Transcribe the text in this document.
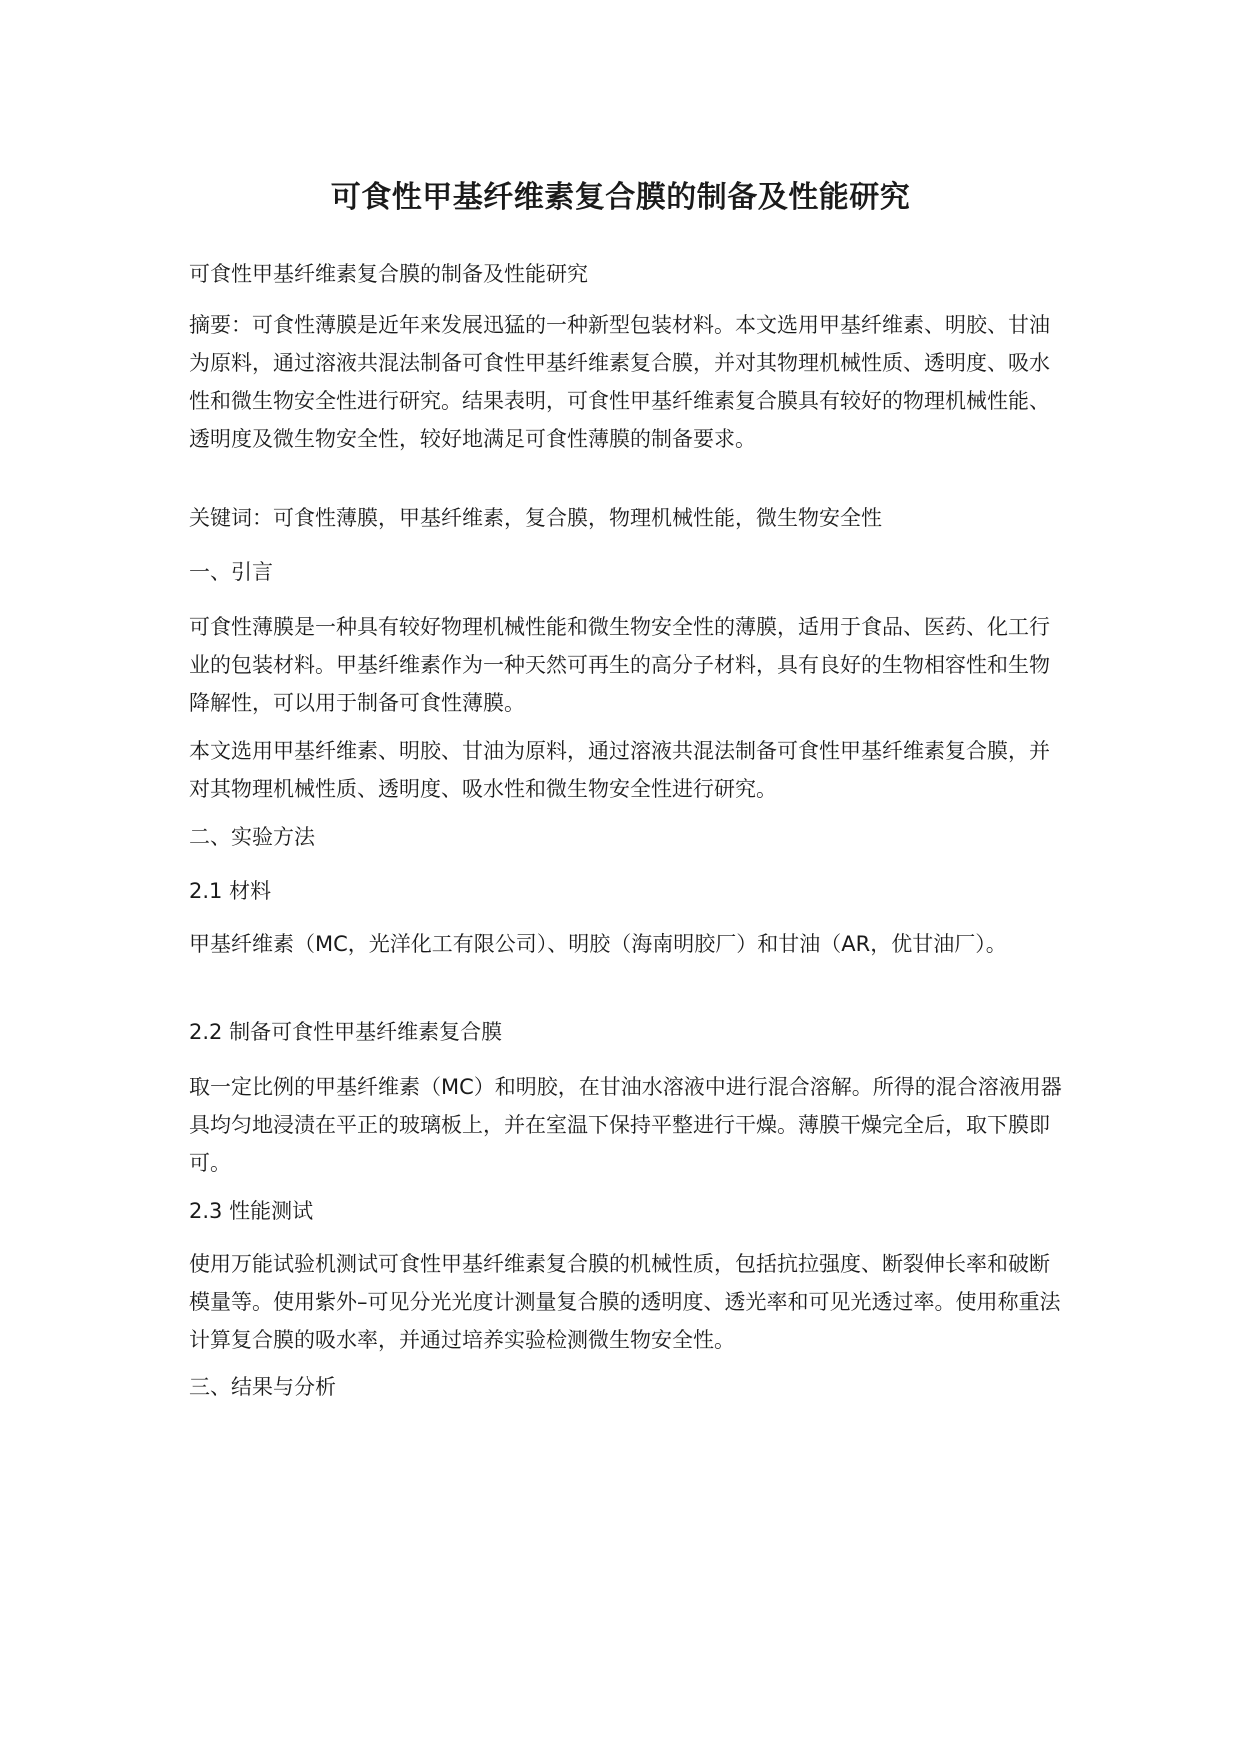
可食性甲基纤维素复合膜的制备及性能研究

可食性甲基纤维素复合膜的制备及性能研究

摘要：可食性薄膜是近年来发展迅猛的一种新型包装材料。本文选用甲基纤维素、明胶、甘油为原料，通过溶液共混法制备可食性甲基纤维素复合膜，并对其物理机械性质、透明度、吸水性和微生物安全性进行研究。结果表明，可食性甲基纤维素复合膜具有较好的物理机械性能、透明度及微生物安全性，较好地满足可食性薄膜的制备要求。

关键词：可食性薄膜，甲基纤维素，复合膜，物理机械性能，微生物安全性

一、引言

可食性薄膜是一种具有较好物理机械性能和微生物安全性的薄膜，适用于食品、医药、化工行业的包装材料。甲基纤维素作为一种天然可再生的高分子材料，具有良好的生物相容性和生物降解性，可以用于制备可食性薄膜。

本文选用甲基纤维素、明胶、甘油为原料，通过溶液共混法制备可食性甲基纤维素复合膜，并对其物理机械性质、透明度、吸水性和微生物安全性进行研究。

二、实验方法

2.1 材料

甲基纤维素（MC，光洋化工有限公司）、明胶（海南明胶厂）和甘油（AR，优甘油厂）。

2.2 制备可食性甲基纤维素复合膜

取一定比例的甲基纤维素（MC）和明胶，在甘油水溶液中进行混合溶解。所得的混合溶液用器具均匀地浸渍在平正的玻璃板上，并在室温下保持平整进行干燥。薄膜干燥完全后，取下膜即可。

2.3 性能测试

使用万能试验机测试可食性甲基纤维素复合膜的机械性质，包括抗拉强度、断裂伸长率和破断模量等。使用紫外–可见分光光度计测量复合膜的透明度、透光率和可见光透过率。使用称重法计算复合膜的吸水率，并通过培养实验检测微生物安全性。

三、结果与分析
